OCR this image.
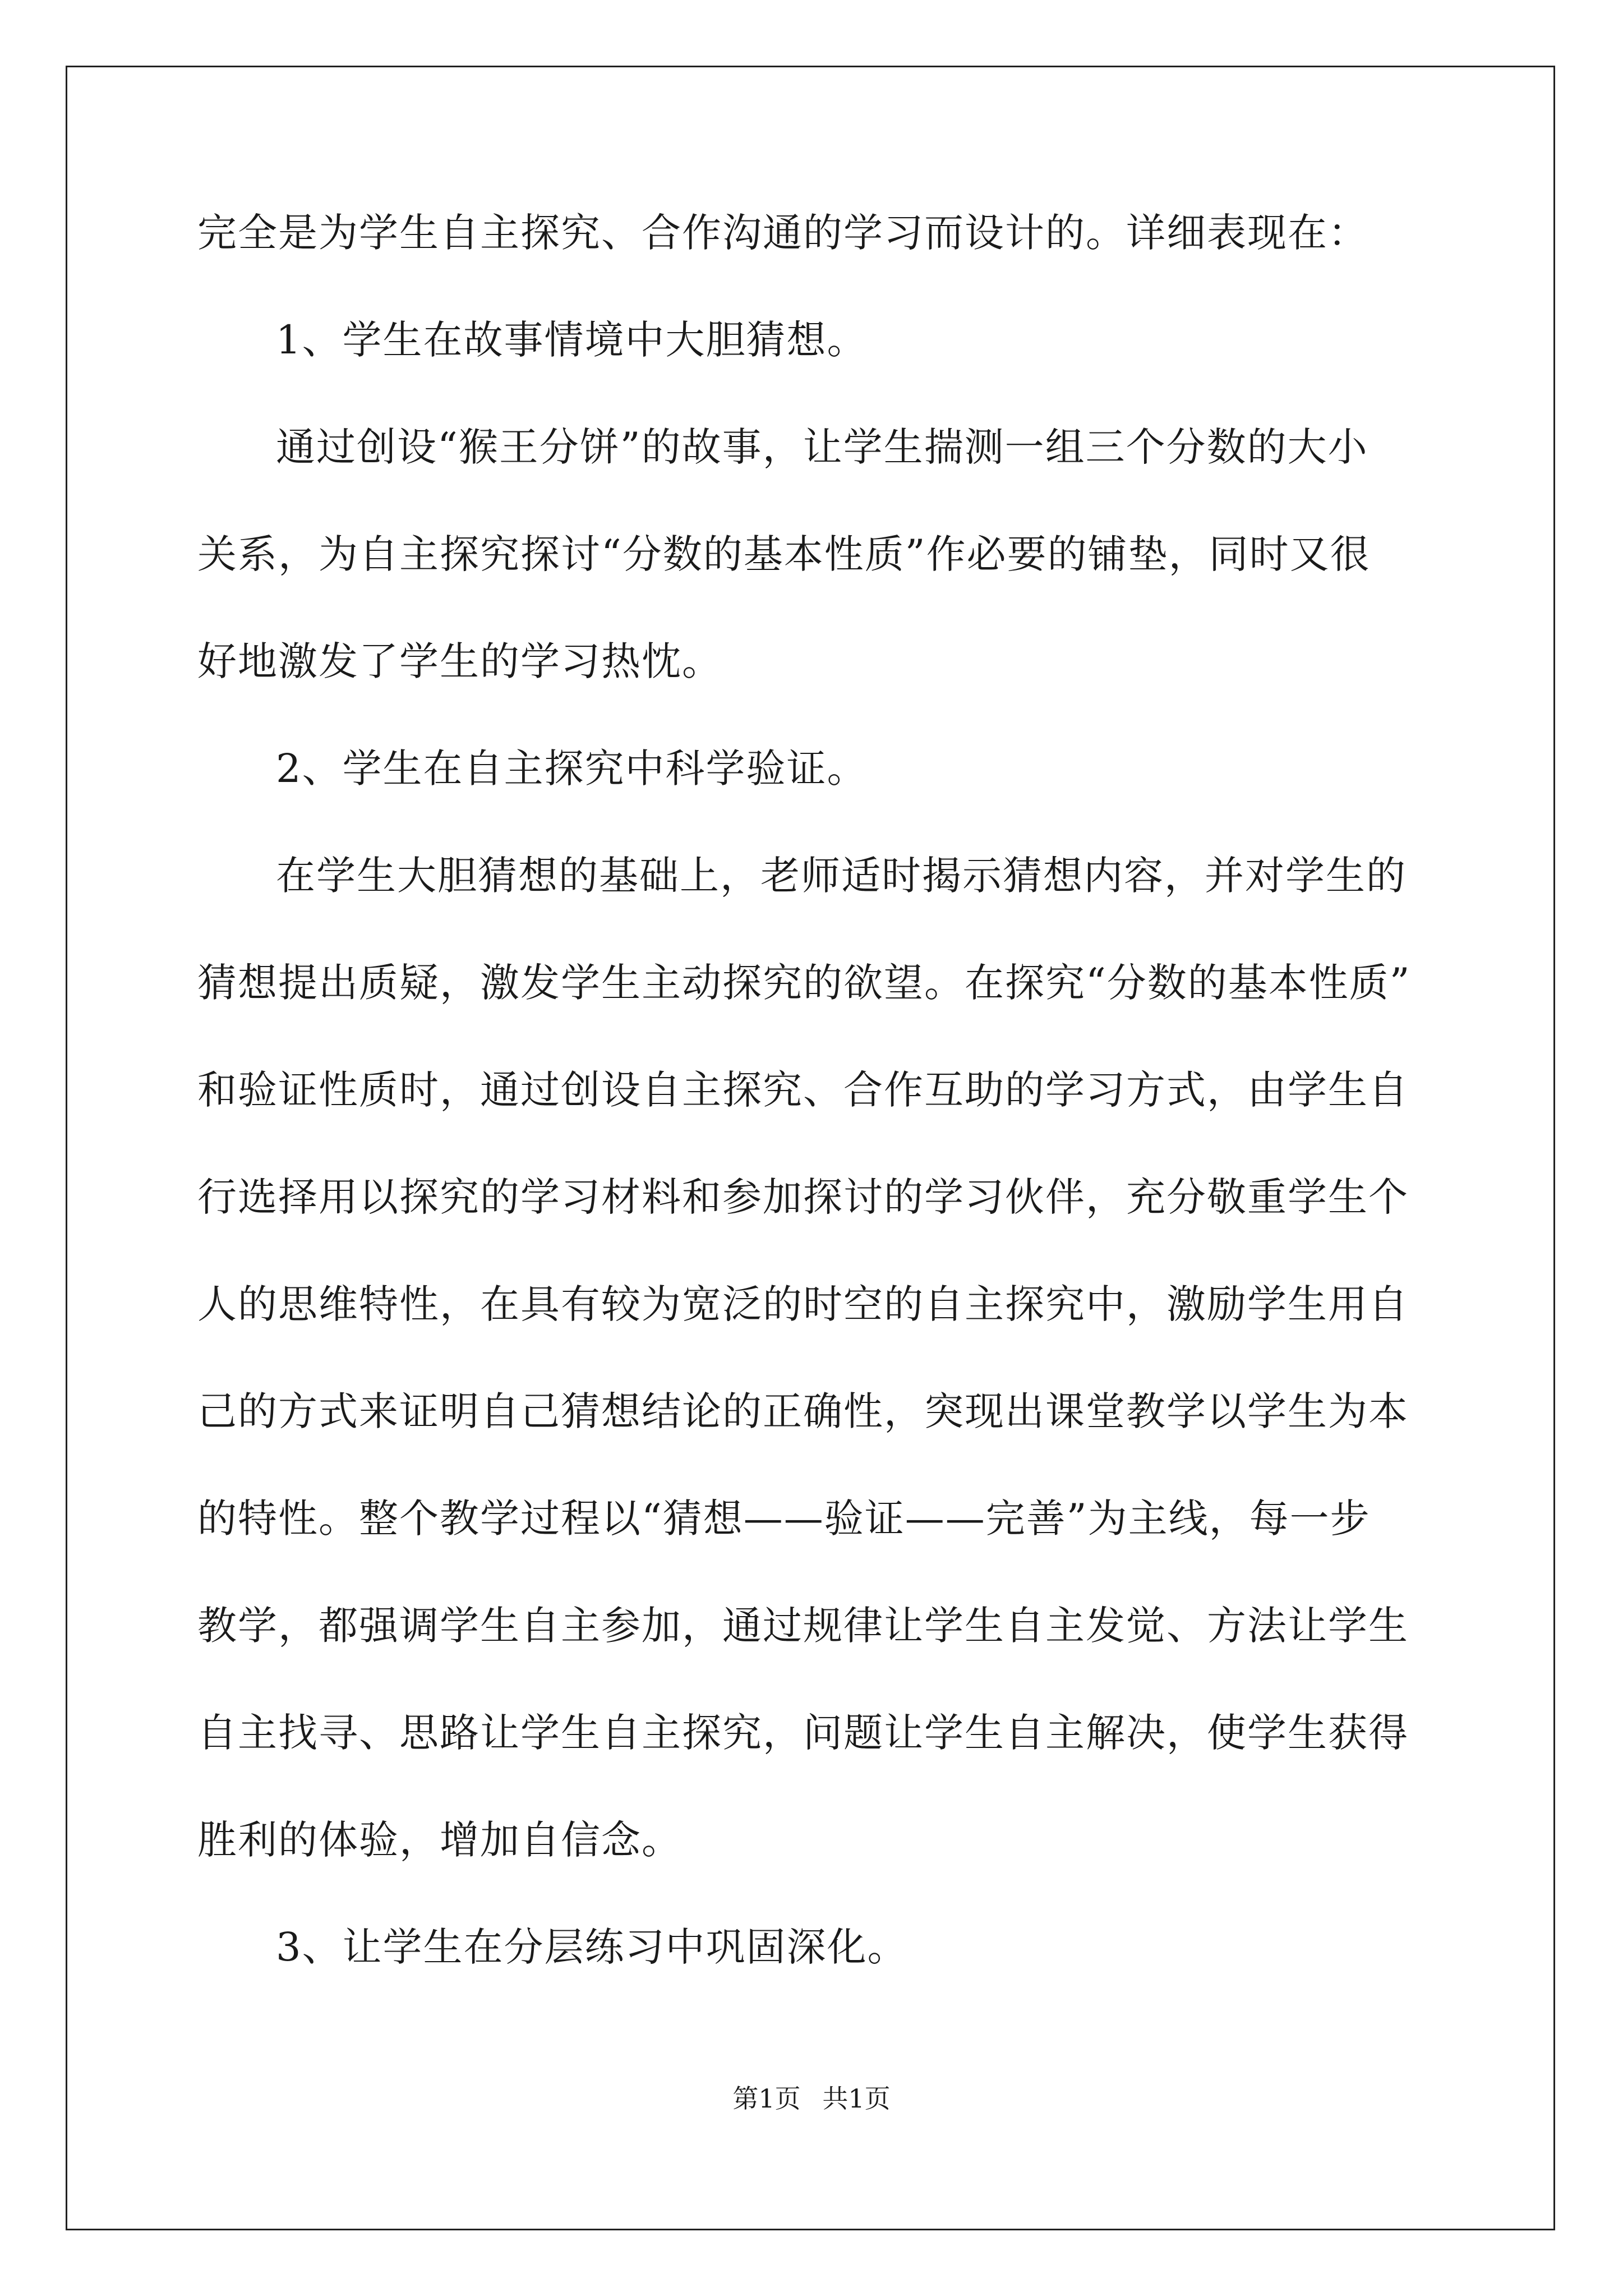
完全是为学生自主探究、合作沟通的学习而设计的。详细表现在：
1、学生在故事情境中大胆猜想。
通过创设“猴王分饼”的故事，让学生揣测一组三个分数的大小
关系，为自主探究探讨“分数的基本性质”作必要的铺垫，同时又很
好地激发了学生的学习热忱。
2、学生在自主探究中科学验证。
在学生大胆猜想的基础上，老师适时揭示猜想内容，并对学生的
猜想提出质疑，激发学生主动探究的欲望。在探究“分数的基本性质”
和验证性质时，通过创设自主探究、合作互助的学习方式，由学生自
行选择用以探究的学习材料和参加探讨的学习伙伴，充分敬重学生个
人的思维特性，在具有较为宽泛的时空的自主探究中，激励学生用自
己的方式来证明自己猜想结论的正确性，突现出课堂教学以学生为本
的特性。整个教学过程以“猜想——验证——完善”为主线，每一步
教学，都强调学生自主参加，通过规律让学生自主发觉、方法让学生
自主找寻、思路让学生自主探究，问题让学生自主解决，使学生获得
胜利的体验，增加自信念。
3、让学生在分层练习中巩固深化。
第1页 共1页
